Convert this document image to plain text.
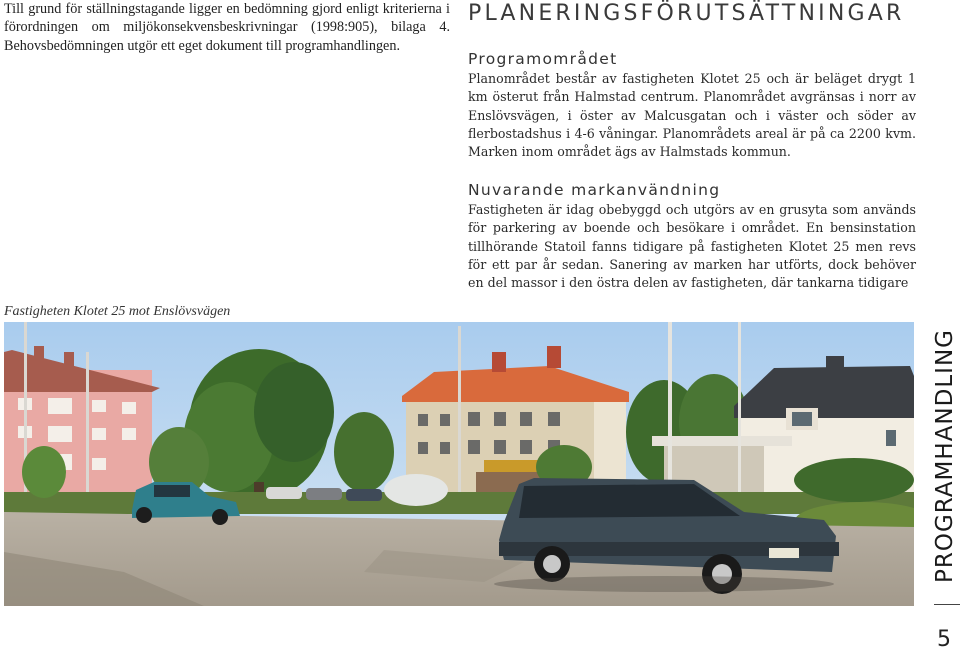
Till grund för ställningstagande ligger en bedömning gjord enligt kriterierna i förordningen om miljökonsekvensbeskrivningar (1998:905), bilaga 4. Behovsbedömningen utgör ett eget dokument till programhandlingen.

PLANERINGSFÖRUTSÄTTNINGAR
Programområdet

Planområdet består av fastigheten Klotet 25 och är beläget drygt 1 km österut från Halmstad centrum. Planområdet avgränsas i norr av Enslövsvägen, i öster av Malcusgatan och i väster och söder av flerbostadshus i 4-6 våningar. Planområdets areal är på ca 2200 kvm. Marken inom området ägs av Halmstads kommun.

Nuvarande markanvändning

Fastigheten är idag obebyggd och utgörs av en grusyta som används för parkering av boende och besökare i området. En bensinstation tillhörande Statoil fanns tidigare på fastigheten Klotet 25 men revs för ett par år sedan. Sanering av marken har utförts, dock behöver en del massor i den östra delen av fastigheten, där tankarna tidigare

Fastigheten Klotet 25 mot Enslövsvägen
PROGRAMHANDLING
5
